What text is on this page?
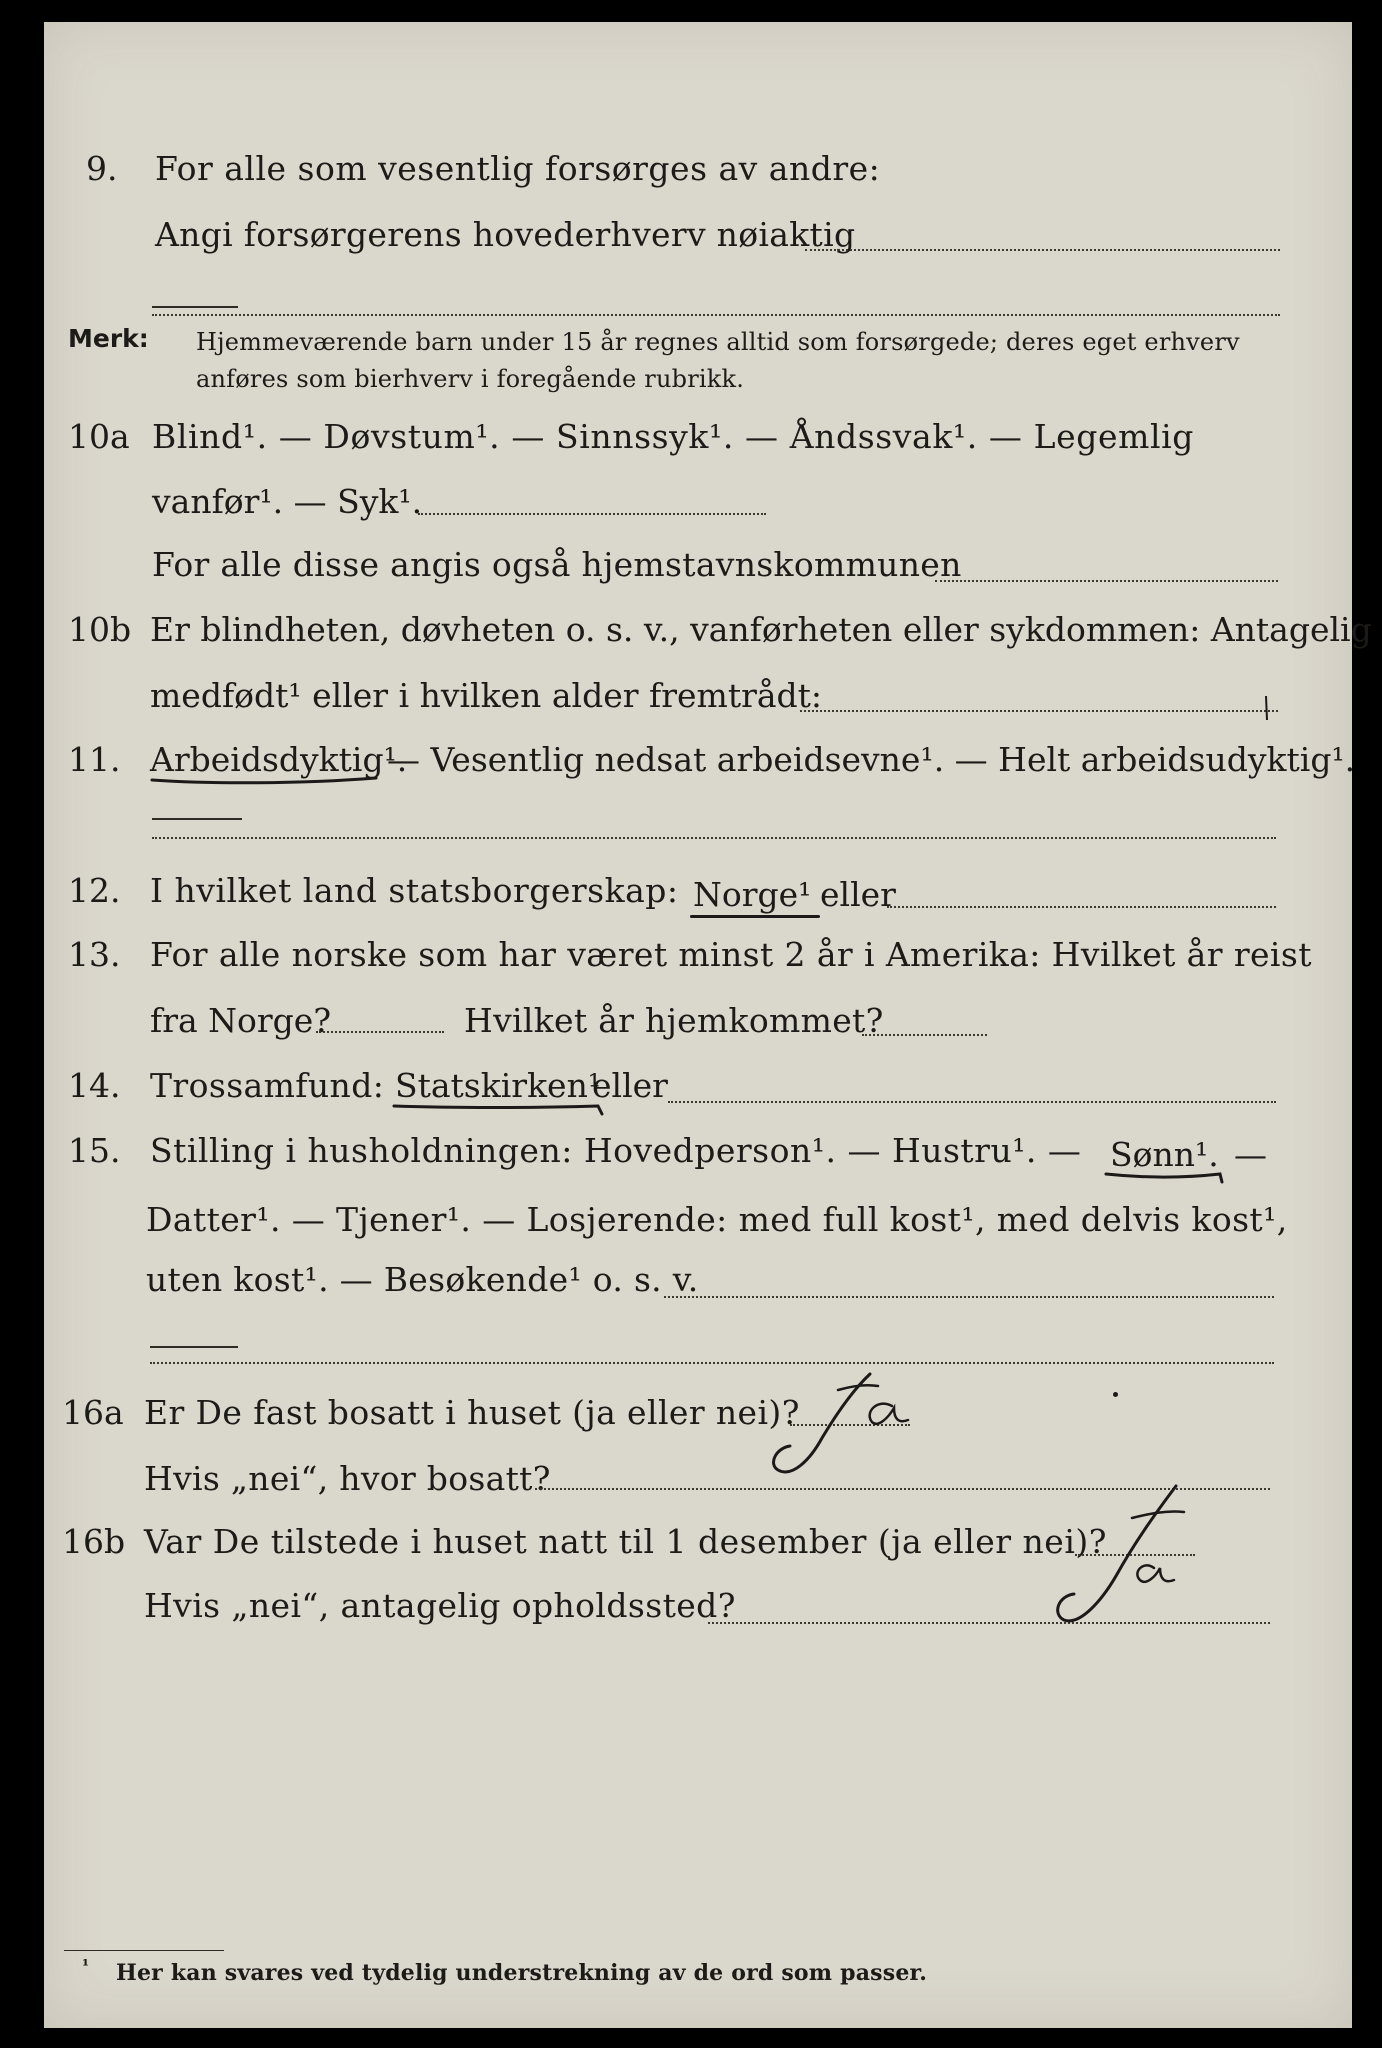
9. For alle som vesentlig forsørges av andre:
Angi forsørgerens hovederhverv nøiaktig
Merk: Hjemmeværende barn under 15 år regnes alltid som forsørgede; deres eget erhverv
anføres som bierhverv i foregående rubrikk.
10a Blind¹. — Døvstum¹. — Sinnssyk¹. — Åndssvak¹. — Legemlig
vanfør¹. — Syk¹.
For alle disse angis også hjemstavnskommunen
10b Er blindheten, døvheten o. s. v., vanførheten eller sykdommen: Antagelig
medfødt¹ eller i hvilken alder fremtrådt:
11. Arbeidsdyktig¹.
— Vesentlig nedsat arbeidsevne¹. — Helt arbeidsudyktig¹.
12. I hvilket land statsborgerskap: Norge¹ eller
13. For alle norske som har været minst 2 år i Amerika: Hvilket år reist
fra Norge?	Hvilket år hjemkommet?
14. Trossamfund: Statskirken¹
eller
15. Stilling i husholdningen: Hovedperson¹. — Hustru¹. — Sønn¹. —
Datter¹. — Tjener¹. — Losjerende: med full kost¹, med delvis kost¹,
uten kost¹. — Besøkende¹ o. s. v.
16a Er De fast bosatt i huset (ja eller nei)?
Hvis „nei“, hvor bosatt?
16b Var De tilstede i huset natt til 1 desember (ja eller nei)?
Hvis „nei“, antagelig opholdssted?
¹ Her kan svares ved tydelig understrekning av de ord som passer.
